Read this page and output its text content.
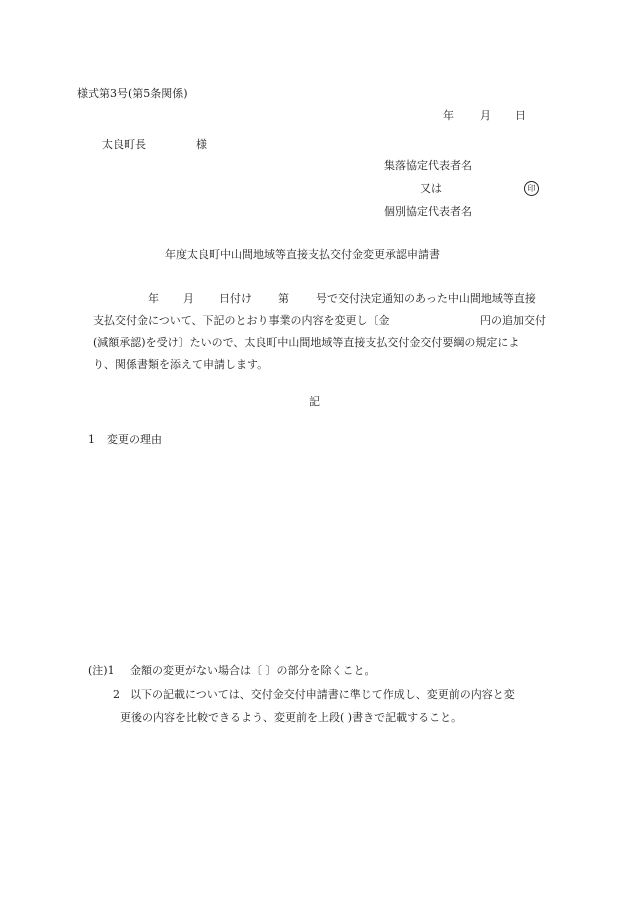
様式第3号(第5条関係)
年 月 日
太良町長	様
集落協定代表者名
又は	印
個別協定代表者名
年度太良町中山間地域等直接支払交付金変更承認申請書
年 月 日付け 第 号で交付決定通知のあった中山間地域等直接
支払交付金について、下記のとおり事業の内容を変更し〔金	円の追加交付
(減額承認)を受け〕たいので、太良町中山間地域等直接支払交付金交付要綱の規定によ
り、関係書類を添えて申請します。
記
1 変更の理由
(注)1 金額の変更がない場合は〔 〕の部分を除くこと。
2 以下の記載については、交付金交付申請書に準じて作成し、変更前の内容と変
更後の内容を比較できるよう、変更前を上段( )書きで記載すること。
